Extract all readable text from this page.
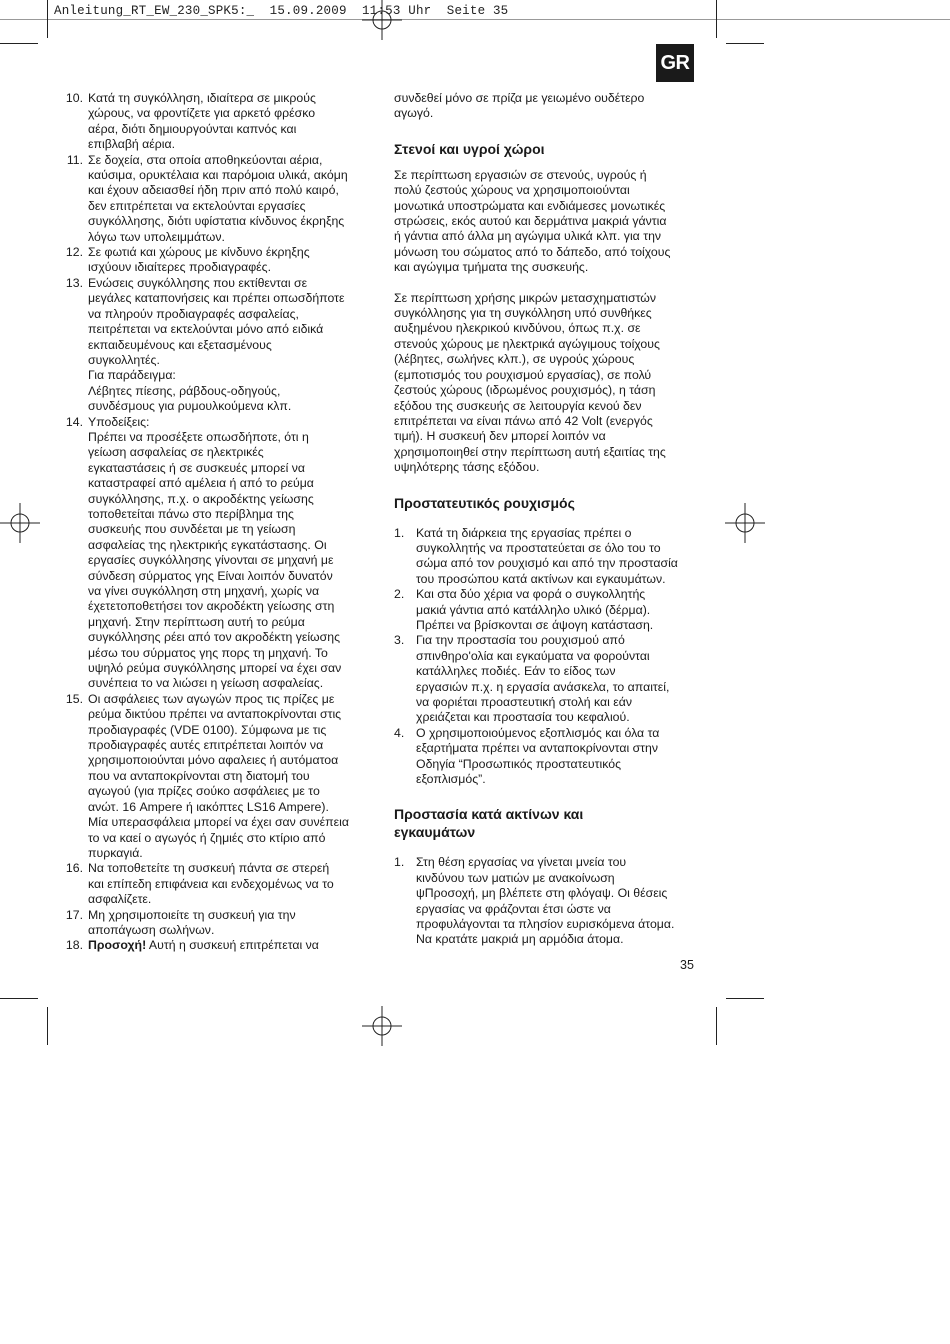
Anleitung_RT_EW_230_SPK5:_  15.09.2009  11:53 Uhr  Seite 35
GR
10. Κατά τη συγκόλληση, ιδιαίτερα σε μικρούς
χώρους, να φροντίζετε για αρκετό φρέσκο
αέρα, διότι δημιουργούνται καπνός και
επιβλαβή αέρια.

11. Σε δοχεία, στα οποία αποθηκεύονται αέρια,
καύσιμα, ορυκτέλαια και παρόμοια υλικά, ακόμη
και έχουν αδειασθεί ήδη πριν από πολύ καιρό,
δεν επιτρέπεται να εκτελούνται εργασίες
συγκόλλησης, διότι υφίστατια κίνδυνος έκρηξης
λόγω των υπολειμμάτων.

12. Σε φωτιά και χώρους με κίνδυνο έκρηξης
ισχύουν ιδιαίτερες προδιαγραφές.

13. Ενώσεις συγκόλλησης που εκτίθενται σε
μεγάλες καταπονήσεις και πρέπει οπωσδήποτε
να πληρούν προδιαγραφές ασφαλείας,
πειτρέπεται να εκτελούνται μόνο από ειδικά
εκπαιδευμένους και εξετασμένους
συγκολλητές.
Για παράδειγμα:
Λέβητες πίεσης, ράβδους-οδηγούς,
συνδέσμους για ρυμουλκούμενα κλπ.

14. Υποδείξεις:
Πρέπει να προσέξετε οπωσδήποτε, ότι η
γείωση ασφαλείας σε ηλεκτρικές
εγκαταστάσεις ή σε συσκευές μπορεί να
καταστραφεί από αμέλεια ή από το ρεύμα
συγκόλλησης, π.χ. ο ακροδέκτης γείωσης
τοποθετείται πάνω στο περίβλημα της
συσκευής που συνδέεται με τη γείωση
ασφαλείας της ηλεκτρικής εγκατάστασης. Οι
εργασίες συγκόλλησης γίνονται σε μηχανή με
σύνδεση σύρματος γης Είναι λοιπόν δυνατόν
να γίνει συγκόλληση στη μηχανή, χωρίς να
έχετετοποθετήσει τον ακροδέκτη γείωσης στη
μηχανή. Στην περίπτωση αυτή το ρεύμα
συγκόλλησης ρέει από τον ακροδέκτη γείωσης
μέσω του σύρματος γης πορς τη μηχανή. Το
υψηλό ρεύμα συγκόλλησης μπορεί να έχει σαν
συνέπεια το να λιώσει η γείωση ασφαλείας.

15. Οι ασφάλειες των αγωγών προς τις πρίζες με
ρεύμα δικτύου πρέπει να ανταποκρίνονται στις
προδιαγραφές (VDE 0100). Σύμφωνα με τις
προδιαγραφές αυτές επιτρέπεται λοιπόν να
χρησιμοποιούνται μόνο αφαλειες ή αυτόματοα
που να ανταποκρίνονται στη διατομή του
αγωγού (για πρίζες σούκο ασφάλειες με το
ανώτ. 16 Ampere ή ιακόπτες LS16 Ampere).
Μία υπερασφάλεια μπορεί να έχει σαν συνέπεια
το να καεί ο αγωγός ή ζημιές στο κτίριο από
πυρκαγιά.

16. Να τοποθετείτε τη συσκευή πάντα σε στερεή
και επίπεδη επιφάνεια και ενδεχομένως να το
ασφαλίζετε.

17. Μη χρησιμοποιείτε τη συσκευή για την
αποπάγωση σωλήνων.

18. Προσοχή! Αυτή η συσκευή επιτρέπεται να

συνδεθεί μόνο σε πρίζα με γειωμένο ουδέτερο
αγωγό.

Στενοί και υγροί χώροι

Σε περίπτωση εργασιών σε στενούς, υγρούς ή
πολύ ζεστούς χώρους να χρησιμοποιούνται
μονωτικά υποστρώματα και ενδιάμεσες μονωτικές
στρώσεις, εκός αυτού και δερμάτινα μακριά γάντια
ή γάντια από άλλα μη αγώγιμα υλικά κλπ. για την
μόνωση του σώματος από το δάπεδο, από τοίχους
και αγώγιμα τμήματα της συσκευής.

Σε περίπτωση χρήσης μικρών μετασχηματιστών
συγκόλλησης για τη συγκόλληση υπό συνθήκες
αυξημένου ηλεκρικού κινδύνου, όπως π.χ. σε
στενούς χώρους με ηλεκτρικά αγώγιμους τοίχους
(λέβητες, σωλήνες κλπ.), σε υγρούς χώρους
(εμποτισμός του ρουχισμού εργασίας), σε πολύ
ζεστούς χώρους (ιδρωμένος ρουχισμός), η τάση
εξόδου της συσκευής σε λειτουργία κενού δεν
επιτρέπεται να είναι πάνω από 42 Volt (ενεργός
τιμή). Η συσκευή δεν μπορεί λοιπόν να
χρησιμοποιηθεί στην περίπτωση αυτή εξαιτίας της
υψηλότερης τάσης εξόδου.

Προστατευτικός ρουχισμός
1. Κατά τη διάρκεια της εργασίας πρέπει ο
συγκολλητής να προστατεύεται σε όλο του το
σώμα από τον ρουχισμό και από την προστασία
του προσώπου κατά ακτίνων και εγκαυμάτων.
2. Και στα δύο χέρια να φορά ο συγκολλητής
μακιά γάντια από κατάλληλο υλικό (δέρμα).
Πρέπει να βρίσκονται σε άψογη κατάσταση.
3. Για την προστασία του ρουχισμού από
σπινθηρο'ολία και εγκαύματα να φορούνται
κατάλληλες ποδιές. Εάν το είδος των
εργασιών π.χ. η εργασία ανάσκελα, το απαιτεί,
να φοριέται προαστευτική στολή και εάν
χρειάζεται και προστασία του κεφαλιού.
4. Ο χρησιμοποιούμενος εξοπλισμός και όλα τα
εξαρτήματα πρέπει να ανταποκρίνονται στην
Οδηγία “Προσωπικός προστατευτικός
εξοπλισμός”.
Προστασία κατά ακτίνων και
εγκαυμάτων
1. Στη θέση εργασίας να γίνεται μνεία του
κινδύνου των ματιών με ανακοίνωση
ψΠροσοχή, μη βλέπετε στη φλόγαψ. Οι θέσεις
εργασίας να φράζονται έτσι ώστε να
προφυλάγονται τα πλησίον ευρισκόμενα άτομα.
Να κρατάτε μακριά μη αρμόδια άτομα.
35
